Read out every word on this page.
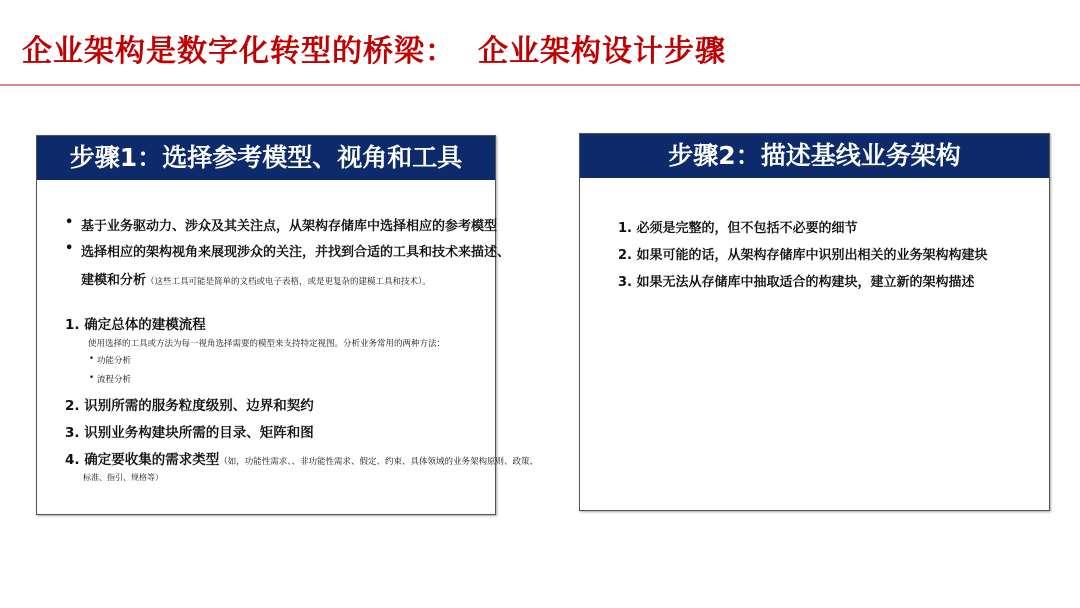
企业架构是数字化转型的桥梁： 企业架构设计步骤
步骤1：选择参考模型、视角和工具
• 基于业务驱动力、涉众及其关注点，从架构存储库中选择相应的参考模型
• 选择相应的架构视角来展现涉众的关注，并找到合适的工具和技术来描述、
建模和分析（这些工具可能是简单的文档或电子表格，或是更复杂的建模工具和技术）。
1. 确定总体的建模流程
使用选择的工具或方法为每一视角选择需要的模型来支持特定视图。分析业务常用的两种方法：
• 功能分析
• 流程分析
2. 识别所需的服务粒度级别、边界和契约
3. 识别业务构建块所需的目录、矩阵和图
4. 确定要收集的需求类型（如，功能性需求、、非功能性需求、假定、约束、具体领域的业务架构原则、政策、
标准、指引、规格等）
步骤2：描述基线业务架构
1. 必须是完整的，但不包括不必要的细节
2. 如果可能的话，从架构存储库中识别出相关的业务架构构建块
3. 如果无法从存储库中抽取适合的构建块，建立新的架构描述
